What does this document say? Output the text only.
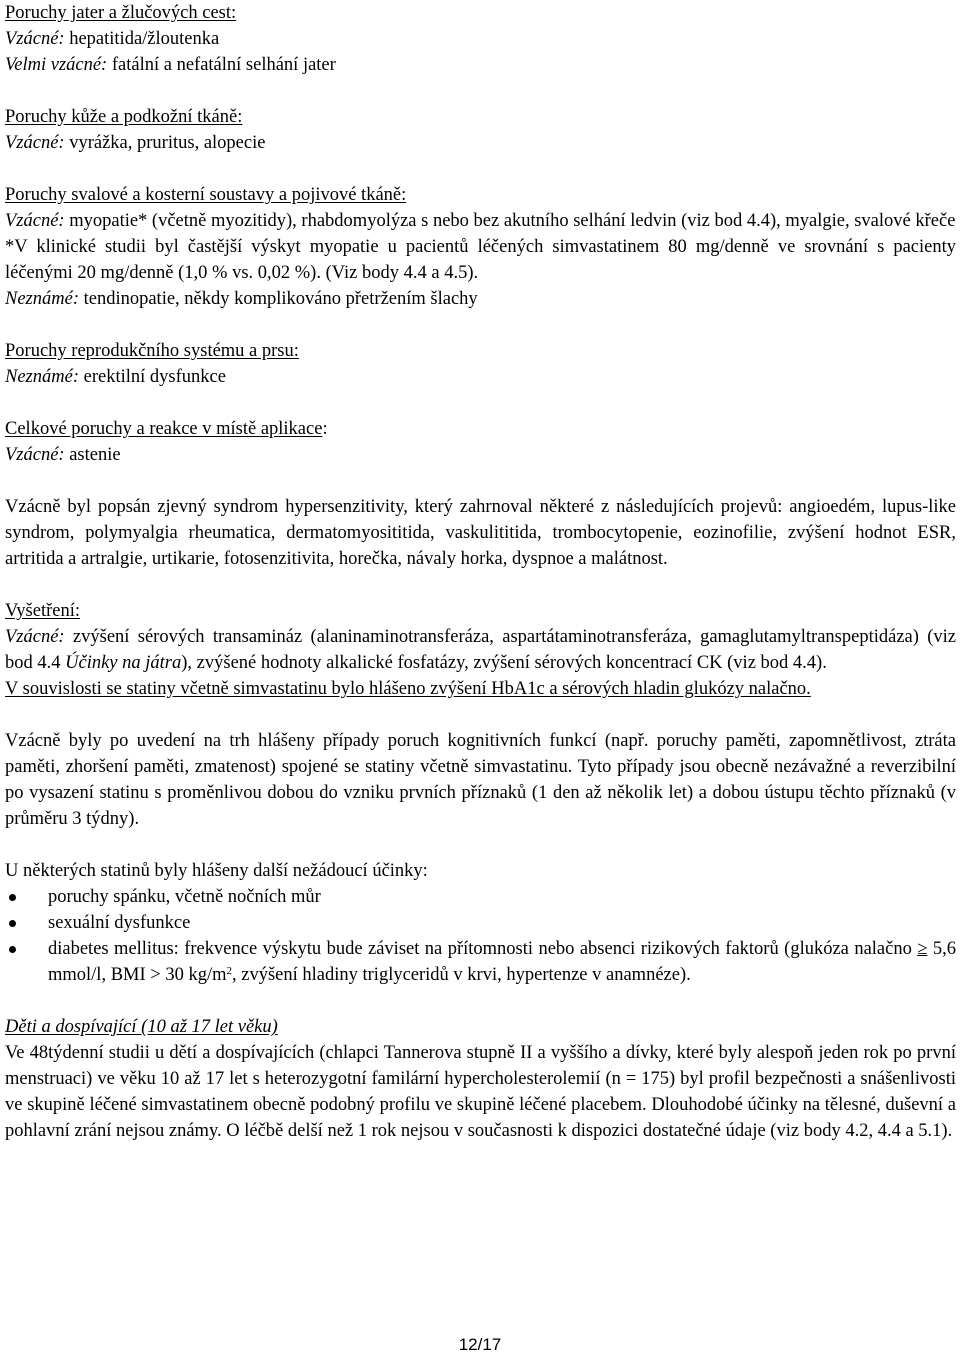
Poruchy jater a žlučových cest:

Vzácné: hepatitida/žloutenka

Velmi vzácné: fatální a nefatální selhání jater

Poruchy kůže a podkožní tkáně:

Vzácné: vyrážka, pruritus, alopecie

Poruchy svalové a kosterní soustavy a pojivové tkáně:

Vzácné: myopatie* (včetně myozitidy), rhabdomyolýza s nebo bez akutního selhání ledvin (viz bod 4.4), myalgie, svalové křeče

*V klinické studii byl častější výskyt myopatie u pacientů léčených simvastatinem 80 mg/denně ve srovnání s pacienty léčenými 20 mg/denně (1,0 % vs. 0,02 %). (Viz body 4.4 a 4.5).

Neznámé: tendinopatie, někdy komplikováno přetržením šlachy

Poruchy reprodukčního systému a prsu:

Neznámé: erektilní dysfunkce

Celkové poruchy a reakce v místě aplikace:

Vzácné: astenie

Vzácně byl popsán zjevný syndrom hypersenzitivity, který zahrnoval některé z následujících projevů: angioedém, lupus-like syndrom, polymyalgia rheumatica, dermatomyosititida, vaskulititida, trombocytopenie, eozinofilie, zvýšení hodnot ESR, artritida a artralgie, urtikarie, fotosenzitivita, horečka, návaly horka, dyspnoe a malátnost.

Vyšetření:

Vzácné: zvýšení sérových transamináz (alaninaminotransferáza, aspartátaminotransferáza, gamaglutamyltranspeptidáza) (viz bod 4.4 Účinky na játra), zvýšené hodnoty alkalické fosfatázy, zvýšení sérových koncentrací CK (viz bod 4.4).

V souvislosti se statiny včetně simvastatinu bylo hlášeno zvýšení HbA1c a sérových hladin glukózy nalačno.

Vzácně byly po uvedení na trh hlášeny případy poruch kognitivních funkcí (např. poruchy paměti, zapomnětlivost, ztráta paměti, zhoršení paměti, zmatenost) spojené se statiny včetně simvastatinu. Tyto případy jsou obecně nezávažné a reverzibilní po vysazení statinu s proměnlivou dobou do vzniku prvních příznaků (1 den až několik let) a dobou ústupu těchto příznaků (v průměru 3 týdny).

U některých statinů byly hlášeny další nežádoucí účinky:

poruchy spánku, včetně nočních můr
sexuální dysfunkce
diabetes mellitus: frekvence výskytu bude záviset na přítomnosti nebo absenci rizikových faktorů (glukóza nalačno ≥ 5,6 mmol/l, BMI > 30 $kg/m^2$, zvýšení hladiny triglyceridů v krvi, hypertenze v anamnéze).

Děti a dospívající (10 až 17 let věku)

Ve 48týdenní studii u dětí a dospívajících (chlapci Tannerova stupně II a vyššího a dívky, které byly alespoň jeden rok po první menstruaci) ve věku 10 až 17 let s heterozygotní familární hypercholesterolemií (n = 175) byl profil bezpečnosti a snášenlivosti ve skupině léčené simvastatinem obecně podobný profilu ve skupině léčené placebem. Dlouhodobé účinky na tělesné, duševní a pohlavní zrání nejsou známy. O léčbě delší než 1 rok nejsou v současnosti k dispozici dostatečné údaje (viz body 4.2, 4.4 a 5.1).

12/17
